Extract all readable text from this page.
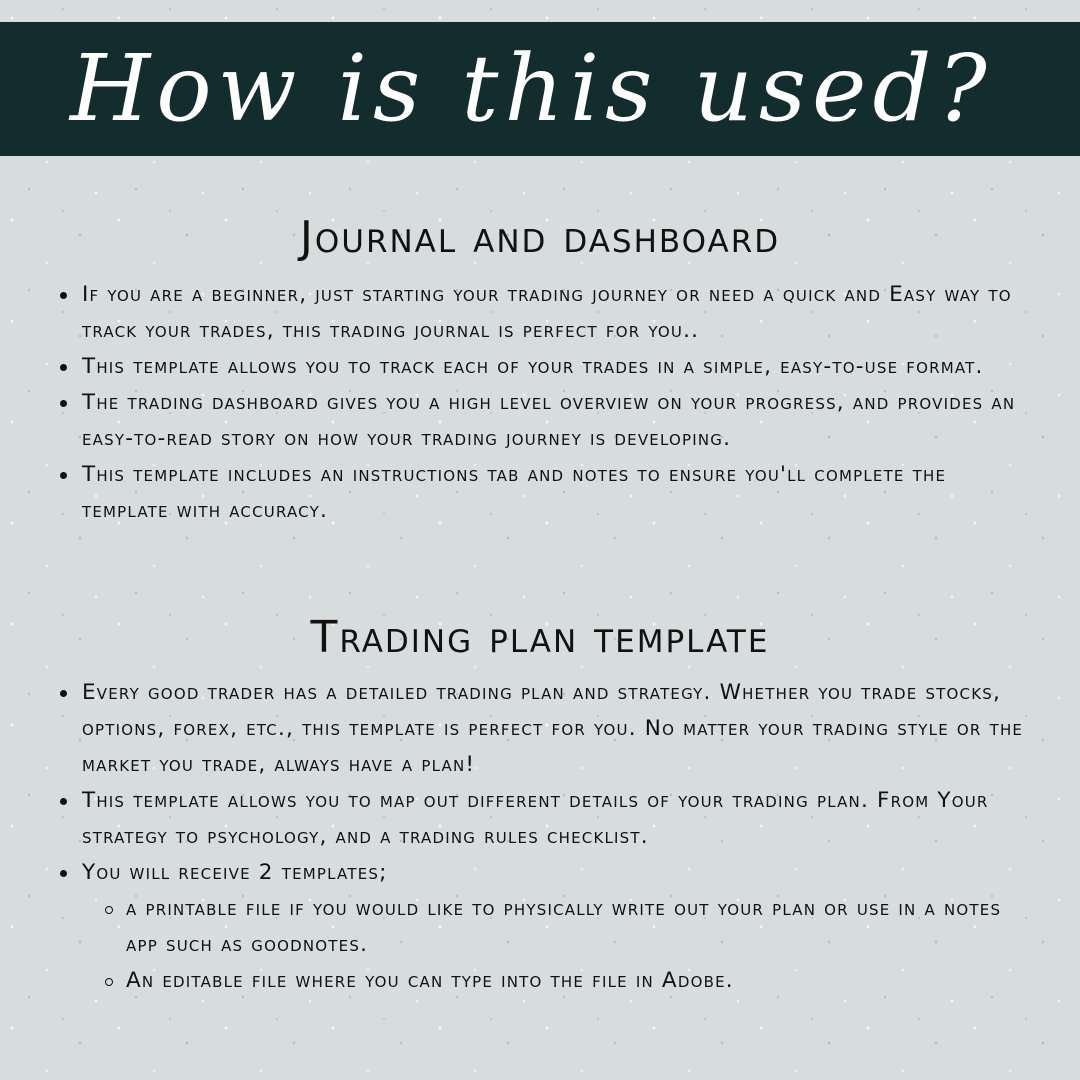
How is this used?
Journal and dashboard
If you are a beginner, just starting your trading journey or need a quick and Easy way to track your trades, this trading journal is perfect for you..
This template allows you to track each of your trades in a simple, easy-to-use format.
The trading dashboard gives you a high level overview on your progress, and provides an easy-to-read story on how your trading journey is developing.
This template includes an instructions tab and notes to ensure you'll complete the template with accuracy.
Trading plan template
Every good trader has a detailed trading plan and strategy. Whether you trade stocks, options, forex, etc., this template is perfect for you. No matter your trading style or the market you trade, always have a plan!
This template allows you to map out different details of your trading plan. From Your strategy to psychology, and a trading rules checklist.
You will receive 2 templates;
a printable file if you would like to physically write out your plan or use in a notes app such as goodnotes.
An editable file where you can type into the file in Adobe.
